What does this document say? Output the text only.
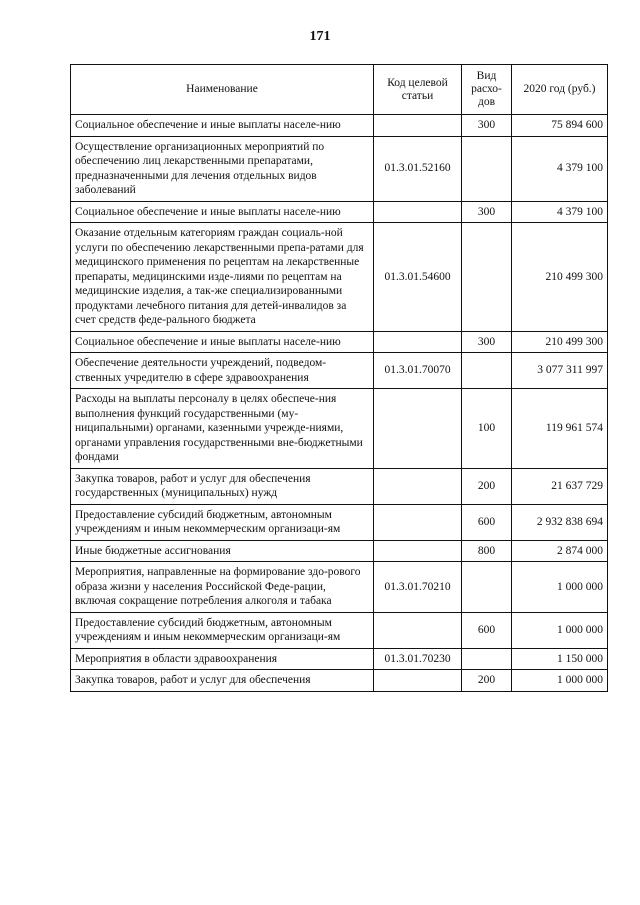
171
Наименование	Код целевой статьи	Вид расхо-дов	2020 год (руб.)
Социальное обеспечение и иные выплаты населе-нию		300	75 894 600
Осуществление организационных мероприятий по обеспечению лиц лекарственными препаратами, предназначенными для лечения отдельных видов заболеваний	01.3.01.52160		4 379 100
Социальное обеспечение и иные выплаты населе-нию		300	4 379 100
Оказание отдельным категориям граждан социаль-ной услуги по обеспечению лекарственными препа-ратами для медицинского применения по рецептам на лекарственные препараты, медицинскими изде-лиями по рецептам на медицинские изделия, а так-же специализированными продуктами лечебного питания для детей-инвалидов за счет средств феде-рального бюджета	01.3.01.54600		210 499 300
Социальное обеспечение и иные выплаты населе-нию		300	210 499 300
Обеспечение деятельности учреждений, подведом-ственных учредителю в сфере здравоохранения	01.3.01.70070		3 077 311 997
Расходы на выплаты персоналу в целях обеспече-ния выполнения функций государственными (му-ниципальными) органами, казенными учрежде-ниями, органами управления государственными вне-бюджетными фондами		100	119 961 574
Закупка товаров, работ и услуг для обеспечения государственных (муниципальных) нужд		200	21 637 729
Предоставление субсидий бюджетным, автономным учреждениям и иным некоммерческим организаци-ям		600	2 932 838 694
Иные бюджетные ассигнования		800	2 874 000
Мероприятия, направленные на формирование здо-рового образа жизни у населения Российской Феде-рации, включая сокращение потребления алкоголя и табака	01.3.01.70210		1 000 000
Предоставление субсидий бюджетным, автономным учреждениям и иным некоммерческим организаци-ям		600	1 000 000
Мероприятия в области здравоохранения	01.3.01.70230		1 150 000
Закупка товаров, работ и услуг для обеспечения		200	1 000 000
